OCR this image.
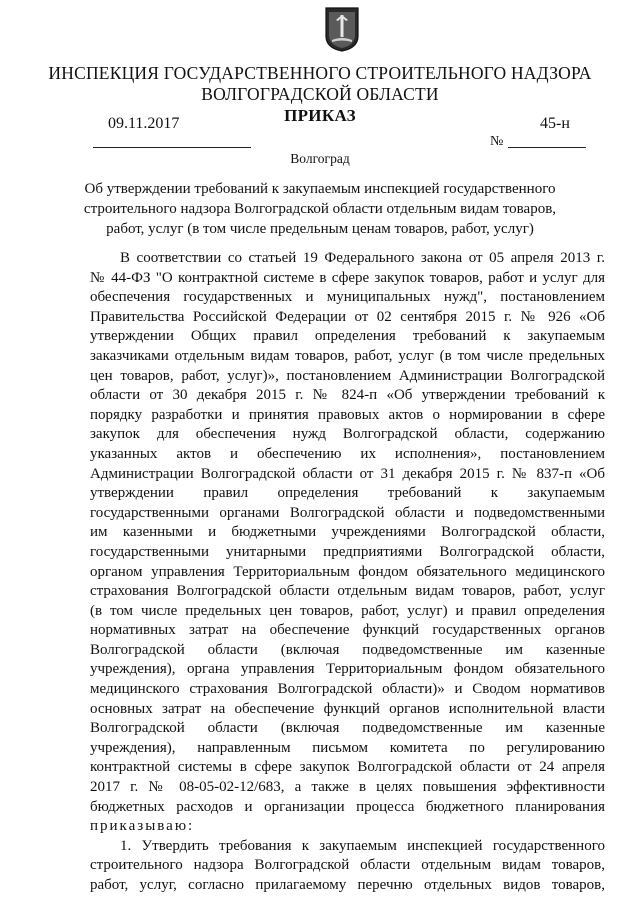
ИНСПЕКЦИЯ ГОСУДАРСТВЕННОГО СТРОИТЕЛЬНОГО НАДЗОРА
ВОЛГОГРАДСКОЙ ОБЛАСТИ
ПРИКАЗ
09.11.2017	45-н
№
Волгоград
Об утверждении требований к закупаемым инспекцией государственного строительного надзора Волгоградской области отдельным видам товаров, работ, услуг (в том числе предельным ценам товаров, работ, услуг)
В соответствии со статьей 19 Федерального закона от 05 апреля 2013 г.
№ 44-ФЗ "О контрактной системе в сфере закупок товаров, работ и услуг для
обеспечения государственных и муниципальных нужд", постановлением
Правительства Российской Федерации от 02 сентября 2015 г. № 926 «Об
утверждении Общих правил определения требований к закупаемым
заказчиками отдельным видам товаров, работ, услуг (в том числе предельных
цен товаров, работ, услуг)», постановлением Администрации Волгоградской
области от 30 декабря 2015 г. № 824-п «Об утверждении требований к
порядку разработки и принятия правовых актов о нормировании в сфере
закупок для обеспечения нужд Волгоградской области, содержанию
указанных актов и обеспечению их исполнения», постановлением
Администрации Волгоградской области от 31 декабря 2015 г. № 837-п «Об
утверждении правил определения требований к закупаемым
государственными органами Волгоградской области и подведомственными
им казенными и бюджетными учреждениями Волгоградской области,
государственными унитарными предприятиями Волгоградской области,
органом управления Территориальным фондом обязательного медицинского
страхования Волгоградской области отдельным видам товаров, работ, услуг
(в том числе предельных цен товаров, работ, услуг) и правил определения
нормативных затрат на обеспечение функций государственных органов
Волгоградской области (включая подведомственные им казенные
учреждения), органа управления Территориальным фондом обязательного
медицинского страхования Волгоградской области)» и Сводом нормативов
основных затрат на обеспечение функций органов исполнительной власти
Волгоградской области (включая подведомственные им казенные
учреждения), направленным письмом комитета по регулированию
контрактной системы в сфере закупок Волгоградской области от 24 апреля
2017 г. № 08-05-02-12/683, а также в целях повышения эффективности
бюджетных расходов и организации процесса бюджетного планирования
приказываю:
1. Утвердить требования к закупаемым инспекцией государственного
строительного надзора Волгоградской области отдельным видам товаров,
работ, услуг, согласно прилагаемому перечню отдельных видов товаров,
